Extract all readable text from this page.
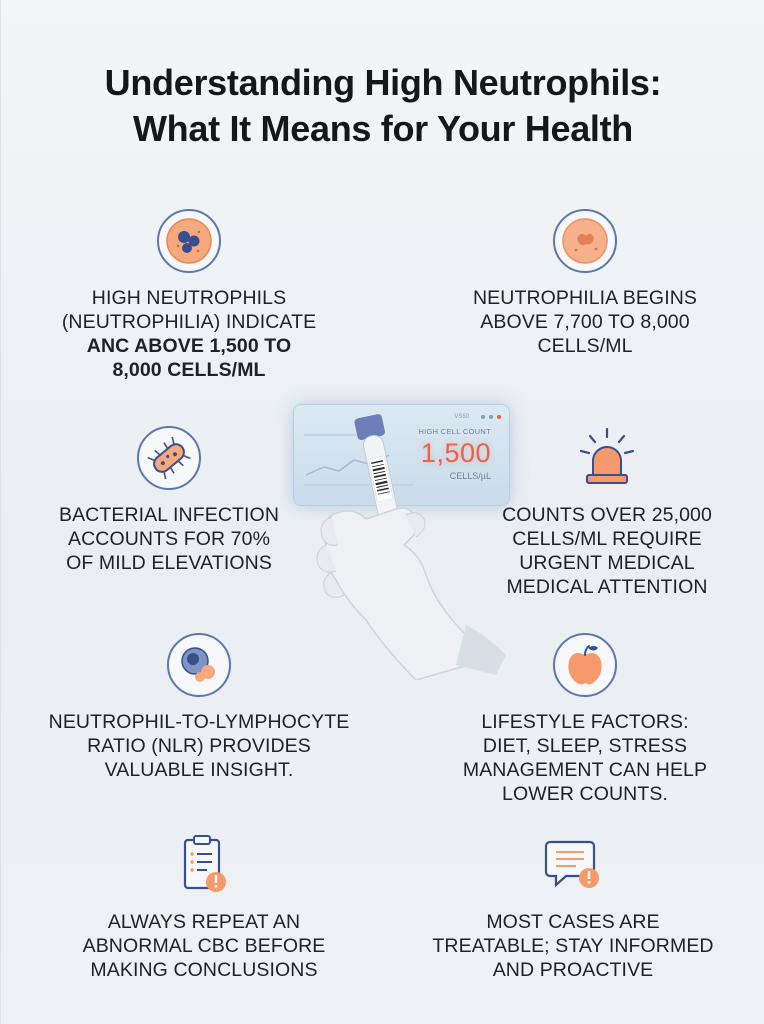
Understanding High Neutrophils:
What It Means for Your Health
HIGH NEUTROPHILS
(NEUTROPHILIA) INDICATE
ANC ABOVE 1,500 TO
8,000 CELLS/ΜL
NEUTROPHILIA BEGINS
ABOVE 7,700 TO 8,000
CELLS/ΜL
VS50
HIGH CELL COUNT
1,500
CELLS/µL
BACTERIAL INFECTION
ACCOUNTS FOR 70%
OF MILD ELEVATIONS
COUNTS OVER 25,000
CELLS/ΜL REQUIRE
URGENT MEDICAL
MEDICAL ATTENTION
NEUTROPHIL-TO-LYMPHOCYTE
RATIO (NLR) PROVIDES
VALUABLE INSIGHT.
LIFESTYLE FACTORS:
DIET, SLEEP, STRESS
MANAGEMENT CAN HELP
LOWER COUNTS.
ALWAYS REPEAT AN
ABNORMAL CBC BEFORE
MAKING CONCLUSIONS
MOST CASES ARE
TREATABLE; STAY INFORMED
AND PROACTIVE
